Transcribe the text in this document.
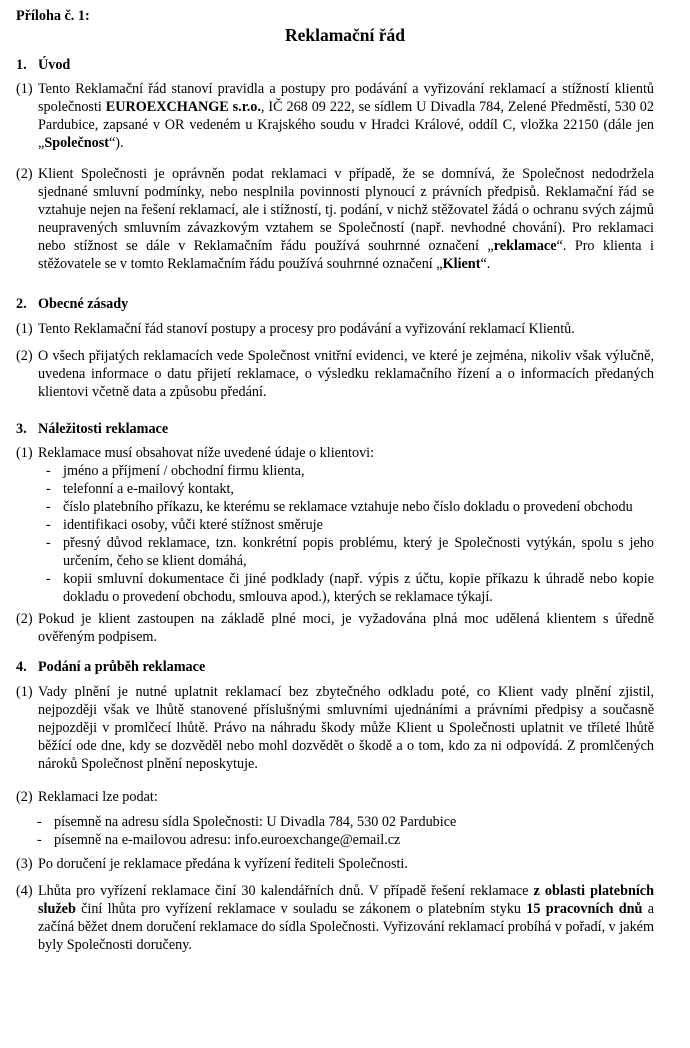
Příloha č. 1:
Reklamační řád
1. Úvod
(1) Tento Reklamační řád stanoví pravidla a postupy pro podávání a vyřizování reklamací a stížností klientů společnosti EUROEXCHANGE s.r.o., IČ 268 09 222, se sídlem U Divadla 784, Zelené Předměstí, 530 02 Pardubice, zapsané v OR vedeném u Krajského soudu v Hradci Králové, oddíl C, vložka 22150 (dále jen „Společnost“).
(2) Klient Společnosti je oprávněn podat reklamaci v případě, že se domnívá, že Společnost nedodržela sjednané smluvní podmínky, nebo nesplnila povinnosti plynoucí z právních předpisů. Reklamační řád se vztahuje nejen na řešení reklamací, ale i stížností, tj. podání, v nichž stěžovatel žádá o ochranu svých zájmů neupravených smluvním závazkovým vztahem se Společností (např. nevhodné chování). Pro reklamaci nebo stížnost se dále v Reklamačním řádu používá souhrnné označení „reklamace“. Pro klienta i stěžovatele se v tomto Reklamačním řádu používá souhrnné označení „Klient“.
2. Obecné zásady
(1) Tento Reklamační řád stanoví postupy a procesy pro podávání a vyřizování reklamací Klientů.
(2) O všech přijatých reklamacích vede Společnost vnitřní evidenci, ve které je zejména, nikoliv však výlučně, uvedena informace o datu přijetí reklamace, o výsledku reklamačního řízení a o informacích předaných klientovi včetně data a způsobu předání.
3. Náležitosti reklamace
(1) Reklamace musí obsahovat níže uvedené údaje o klientovi:
- jméno a příjmení / obchodní firmu klienta,
- telefonní a e-mailový kontakt,
- číslo platebního příkazu, ke kterému se reklamace vztahuje nebo číslo dokladu o provedení obchodu
- identifikaci osoby, vůči které stížnost směruje
- přesný důvod reklamace, tzn. konkrétní popis problému, který je Společnosti vytýkán, spolu s jeho určením, čeho se klient domáhá,
- kopii smluvní dokumentace či jiné podklady (např. výpis z účtu, kopie příkazu k úhradě nebo kopie dokladu o provedení obchodu, smlouva apod.), kterých se reklamace týkají.
(2) Pokud je klient zastoupen na základě plné moci, je vyžadována plná moc udělená klientem s úředně ověřeným podpisem.
4. Podání a průběh reklamace
(1) Vady plnění je nutné uplatnit reklamací bez zbytečného odkladu poté, co Klient vady plnění zjistil, nejpozději však ve lhůtě stanovené příslušnými smluvními ujednáními a právními předpisy a současně nejpozději v promlčecí lhůtě. Právo na náhradu škody může Klient u Společnosti uplatnit ve tříleté lhůtě běžící ode dne, kdy se dozvěděl nebo mohl dozvědět o škodě a o tom, kdo za ni odpovídá. Z promlčených nároků Společnost plnění neposkytuje.
(2) Reklamaci lze podat:
- písemně na adresu sídla Společnosti: U Divadla 784, 530 02 Pardubice
- písemně na e-mailovou adresu: info.euroexchange@email.cz
(3) Po doručení je reklamace předána k vyřízení řediteli Společnosti.
(4) Lhůta pro vyřízení reklamace činí 30 kalendářních dnů. V případě řešení reklamace z oblasti platebních služeb činí lhůta pro vyřízení reklamace v souladu se zákonem o platebním styku 15 pracovních dnů a začíná běžet dnem doručení reklamace do sídla Společnosti. Vyřizování reklamací probíhá v pořadí, v jakém byly Společnosti doručeny.
